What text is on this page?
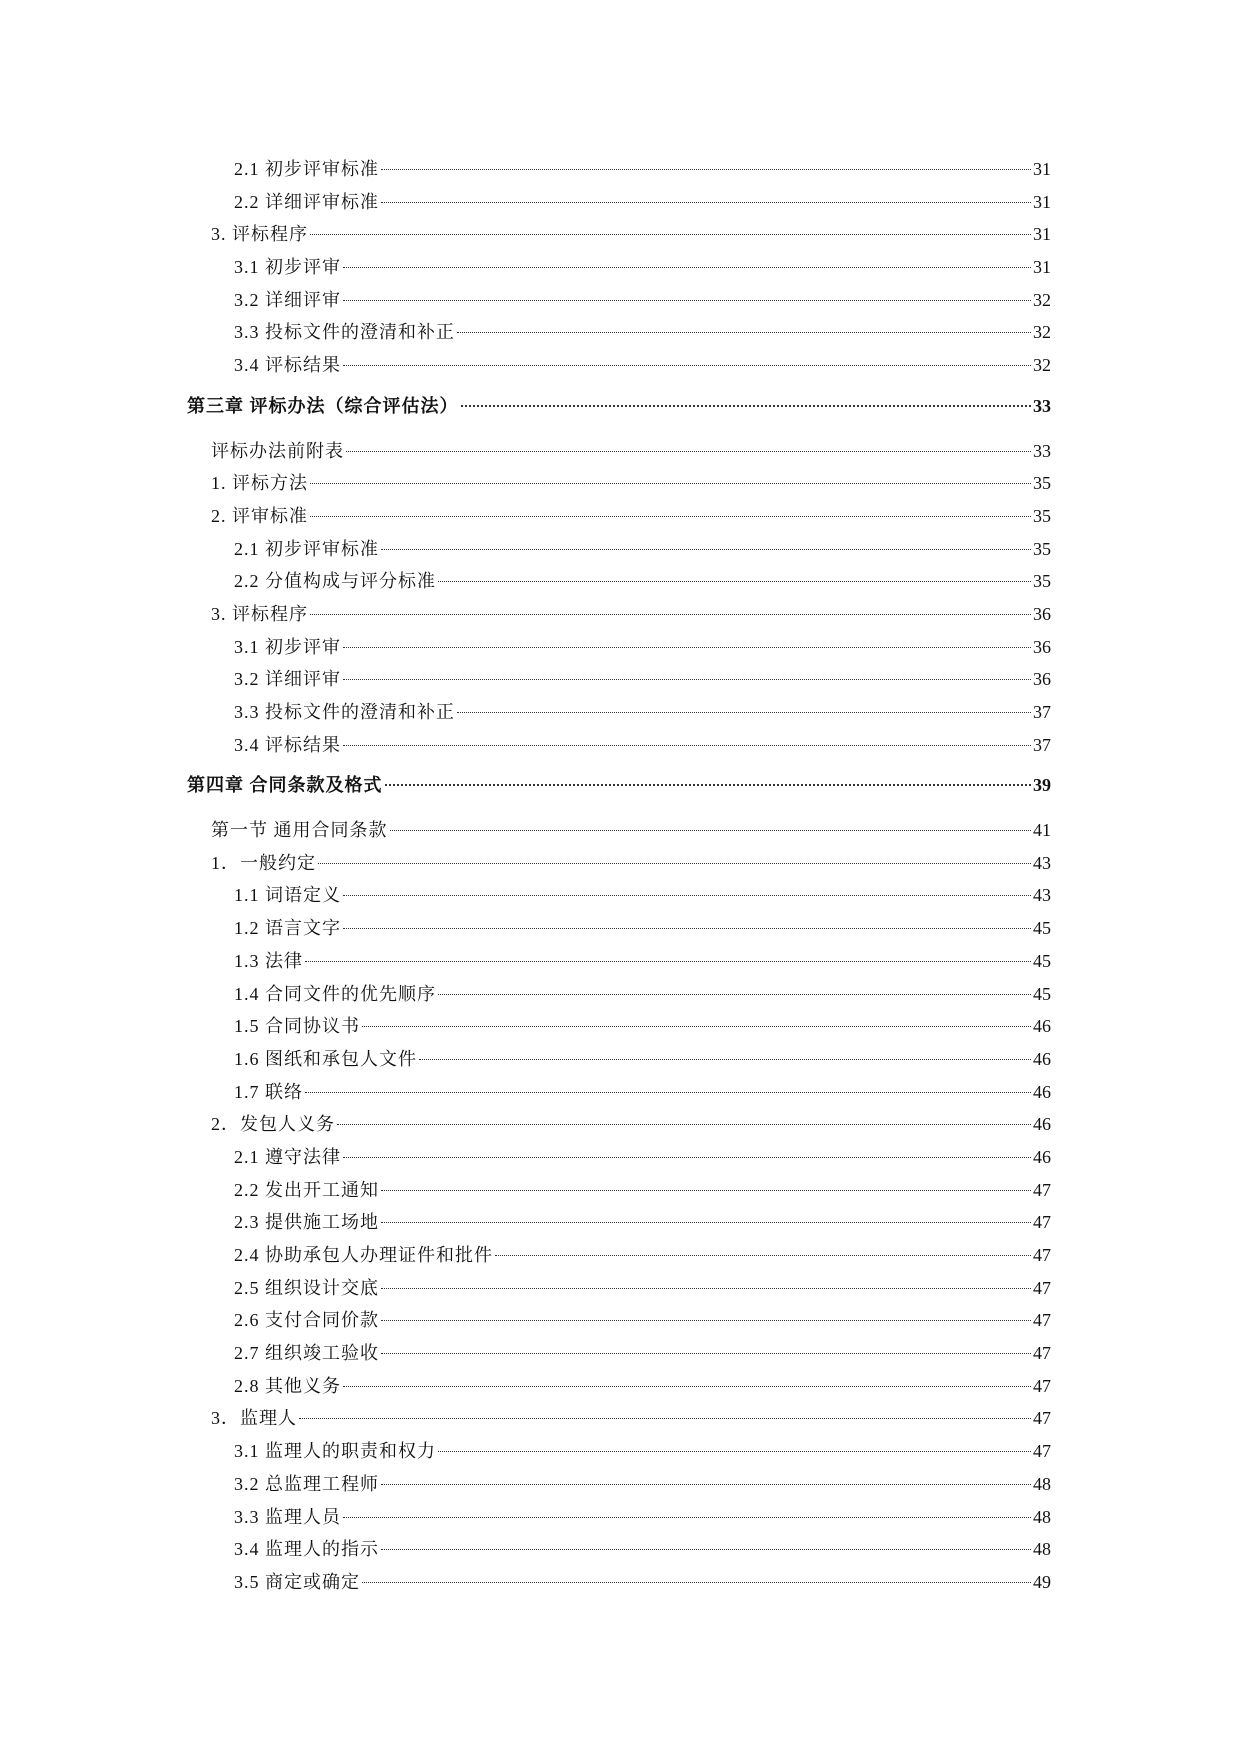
2.1 初步评审标准	31
2.2 详细评审标准	31
3. 评标程序	31
3.1 初步评审	31
3.2 详细评审	32
3.3 投标文件的澄清和补正	32
3.4 评标结果	32
第三章 评标办法（综合评估法）	33
评标办法前附表	33
1. 评标方法	35
2. 评审标准	35
2.1 初步评审标准	35
2.2 分值构成与评分标准	35
3. 评标程序	36
3.1 初步评审	36
3.2 详细评审	36
3.3 投标文件的澄清和补正	37
3.4 评标结果	37
第四章 合同条款及格式	39
第一节 通用合同条款	41
1．一般约定	43
1.1 词语定义	43
1.2 语言文字	45
1.3 法律	45
1.4 合同文件的优先顺序	45
1.5 合同协议书	46
1.6 图纸和承包人文件	46
1.7 联络	46
2．发包人义务	46
2.1 遵守法律	46
2.2 发出开工通知	47
2.3 提供施工场地	47
2.4 协助承包人办理证件和批件	47
2.5 组织设计交底	47
2.6 支付合同价款	47
2.7 组织竣工验收	47
2.8 其他义务	47
3．监理人	47
3.1 监理人的职责和权力	47
3.2 总监理工程师	48
3.3 监理人员	48
3.4 监理人的指示	48
3.5 商定或确定	49
